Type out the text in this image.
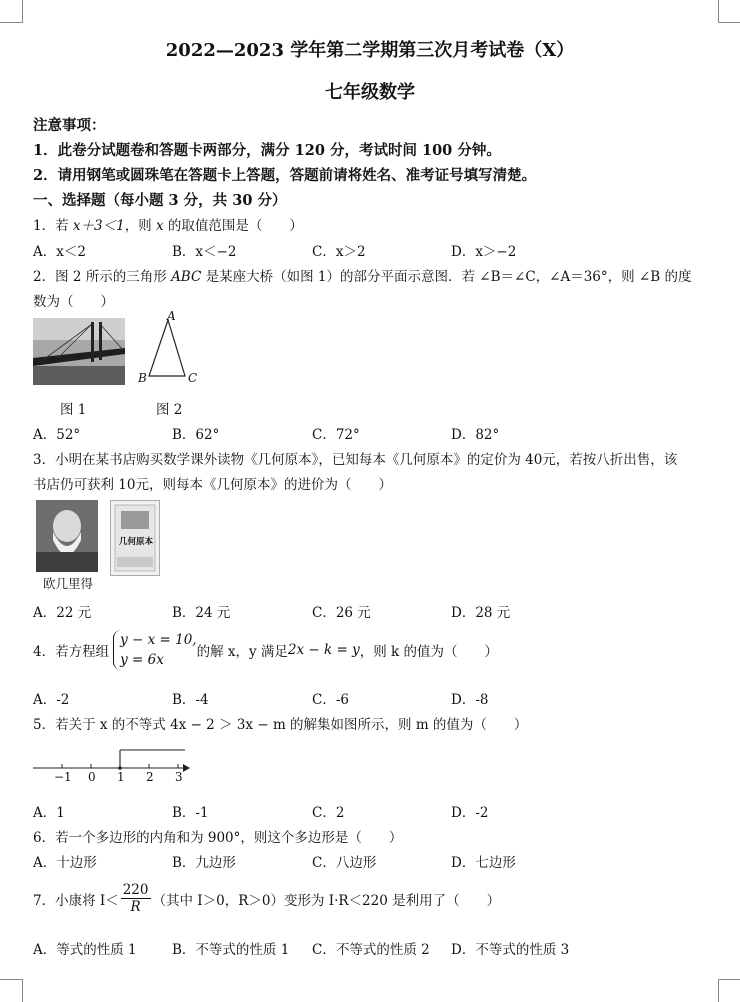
2022—2023 学年第二学期第三次月考试卷（X）
七年级数学
注意事项：
1．此卷分试题卷和答题卡两部分，满分 120 分，考试时间 100 分钟。
2．请用钢笔或圆珠笔在答题卡上答题，答题前请将姓名、准考证号填写清楚。
一、选择题（每小题 3 分，共 30 分）
1．若 x＋3＜1，则 x 的取值范围是（　　）
A．x＜2	B．x＜−2	C．x＞2	D．x＞−2
2．图 2 所示的三角形 ABC 是某座大桥（如图 1）的部分平面示意图．若 ∠B＝∠C，∠A＝36°，则 ∠B 的度
数为（　　）
A
B	C
图 1	图 2
A．52°	B．62°	C．72°	D．82°
3．小明在某书店购买数学课外读物《几何原本》，已知每本《几何原本》的定价为 40元，若按八折出售，该
书店仍可获利 10元，则每本《几何原本》的进价为（　　）
欧几里得
几何原本
A．22 元	B．24 元	C．26 元	D．28 元
4．若方程组
y − x = 10,
y = 6x	的解 x，y 满足 2x − k = y ，则 k 的值为（　　）
A．-2	B．-4	C．-6	D．-8
5．若关于 x 的不等式 4x − 2 ＞ 3x − m 的解集如图所示，则 m 的值为（　　）
−1 0 1 2 3
A．1	B．-1	C．2	D．-2
6．若一个多边形的内角和为 900°，则这个多边形是（　　）
A．十边形	B．九边形	C．八边形	D．七边形
7．小康将 $I< \frac{220}{R}$ （其中 I＞0，R＞0）变形为 I·R＜220 是利用了（　　）
A．等式的性质 1	B．不等式的性质 1 C．不等式的性质 2 D．不等式的性质 3
